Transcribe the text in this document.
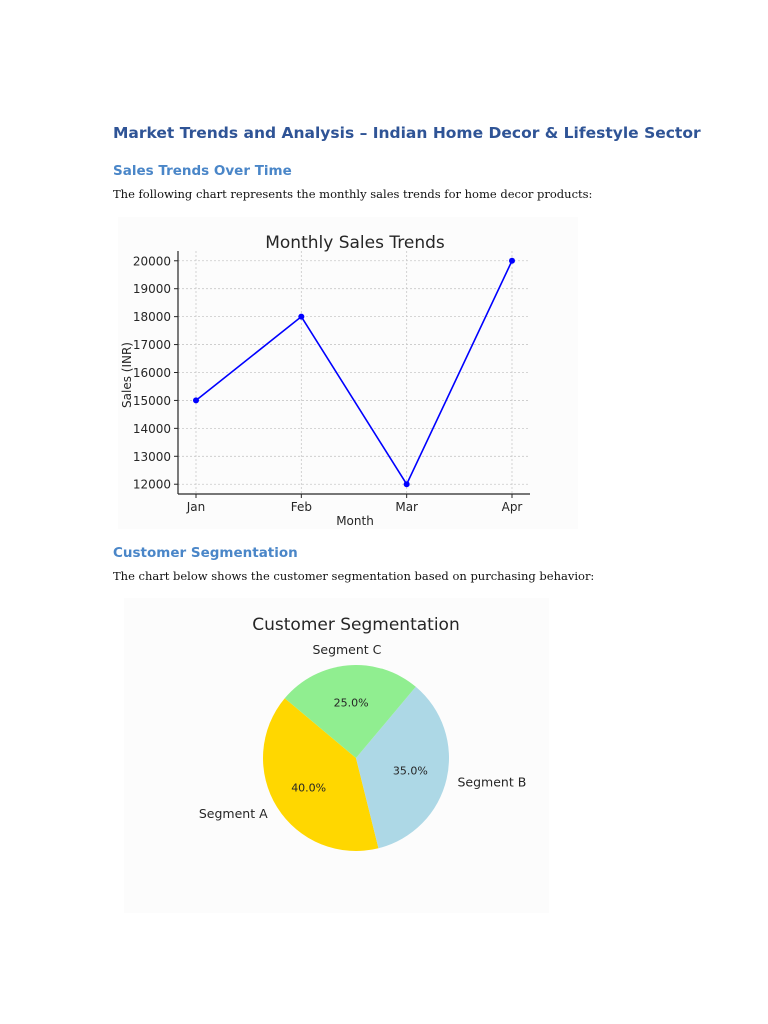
Market Trends and Analysis – Indian Home Decor & Lifestyle Sector
Sales Trends Over Time
The following chart represents the monthly sales trends for home decor products:
Monthly Sales Trends
Month
Sales (INR)
Jan	Feb	Mar	Apr
12000
13000
14000
15000
16000
17000
18000
19000
20000
Customer Segmentation
The chart below shows the customer segmentation based on purchasing behavior:
Customer Segmentation
40.0%
Segment A
35.0%
Segment B
25.0%
Segment C
